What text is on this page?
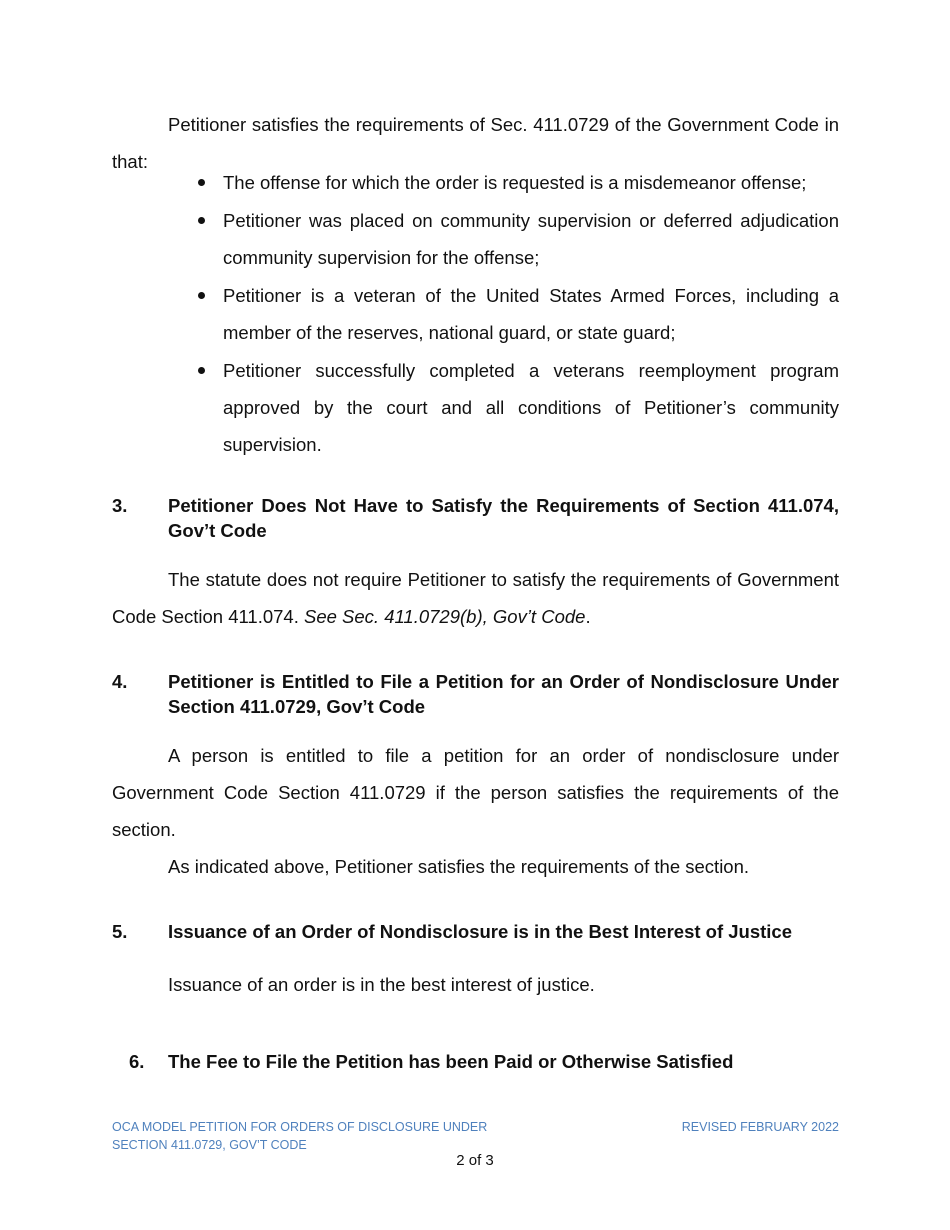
Petitioner satisfies the requirements of Sec. 411.0729 of the Government Code in that:

The offense for which the order is requested is a misdemeanor offense;
Petitioner was placed on community supervision or deferred adjudication community supervision for the offense;
Petitioner is a veteran of the United States Armed Forces, including a member of the reserves, national guard, or state guard;
Petitioner successfully completed a veterans reemployment program approved by the court and all conditions of Petitioner’s community supervision.
3. Petitioner Does Not Have to Satisfy the Requirements of Section 411.074, Gov’t Code

The statute does not require Petitioner to satisfy the requirements of Government Code Section 411.074. See Sec. 411.0729(b), Gov’t Code.

4. Petitioner is Entitled to File a Petition for an Order of Nondisclosure Under Section 411.0729, Gov’t Code

A person is entitled to file a petition for an order of nondisclosure under Government Code Section 411.0729 if the person satisfies the requirements of the section.

As indicated above, Petitioner satisfies the requirements of the section.

5. Issuance of an Order of Nondisclosure is in the Best Interest of Justice

Issuance of an order is in the best interest of justice.

6. The Fee to File the Petition has been Paid or Otherwise Satisfied
OCA MODEL PETITION FOR ORDERS OF DISCLOSURE UNDER
SECTION 411.0729, GOV’T CODE
REVISED FEBRUARY 2022
2 of 3
